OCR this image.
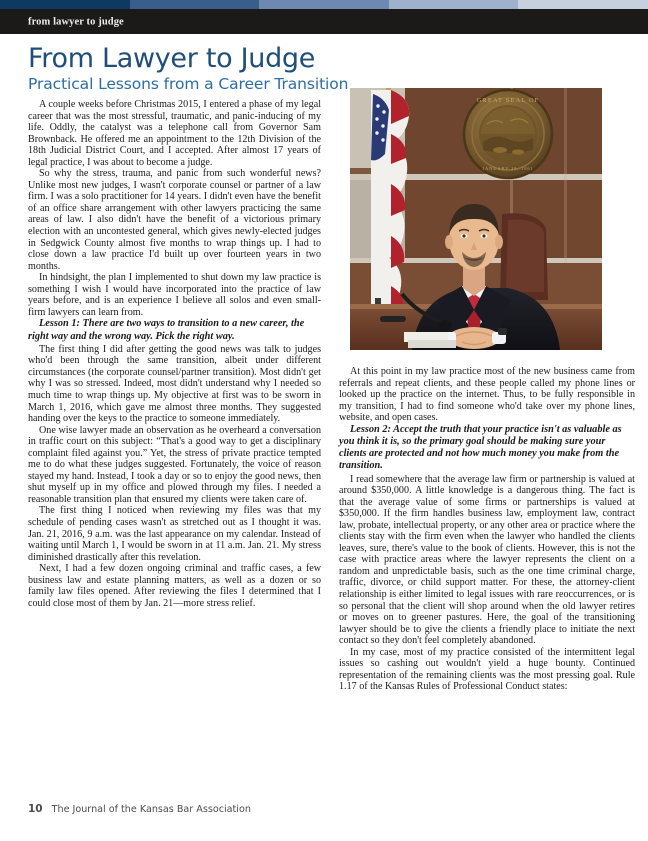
from lawyer to judge
From Lawyer to Judge
Practical Lessons from a Career Transition
GREAT SEAL OF
JANUARY 29, 1861

A couple weeks before Christmas 2015, I entered a phase of my legal career that was the most stressful, traumatic, and panic-inducing of my life. Oddly, the catalyst was a telephone call from Governor Sam Brownback. He offered me an appointment to the 12th Division of the 18th Judicial District Court, and I accepted. After almost 17 years of legal practice, I was about to become a judge.

So why the stress, trauma, and panic from such wonderful news? Unlike most new judges, I wasn't corporate counsel or partner of a law firm. I was a solo practitioner for 14 years. I didn't even have the benefit of an office share arrangement with other lawyers practicing the same areas of law. I also didn't have the benefit of a victorious primary election with an uncontested general, which gives newly-elected judges in Sedgwick County almost five months to wrap things up. I had to close down a law practice I'd built up over fourteen years in two months.

In hindsight, the plan I implemented to shut down my law practice is something I wish I would have incorporated into the practice of law years before, and is an experience I believe all solos and even small-firm lawyers can learn from.

Lesson 1: There are two ways to transition to a new career, the right way and the wrong way. Pick the right way.

The first thing I did after getting the good news was talk to judges who'd been through the same transition, albeit under different circumstances (the corporate counsel/partner transition). Most didn't get why I was so stressed. Indeed, most didn't understand why I needed so much time to wrap things up. My objective at first was to be sworn in March 1, 2016, which gave me almost three months. They suggested handing over the keys to the practice to someone immediately.

One wise lawyer made an observation as he overheard a conversation in traffic court on this subject: “That's a good way to get a disciplinary complaint filed against you.” Yet, the stress of private practice tempted me to do what these judges suggested. Fortunately, the voice of reason stayed my hand. Instead, I took a day or so to enjoy the good news, then shut myself up in my office and plowed through my files. I needed a reasonable transition plan that ensured my clients were taken care of.

The first thing I noticed when reviewing my files was that my schedule of pending cases wasn't as stretched out as I thought it was. Jan. 21, 2016, 9 a.m. was the last appearance on my calendar. Instead of waiting until March 1, I would be sworn in at 11 a.m. Jan. 21. My stress diminished drastically after this revelation.

Next, I had a few dozen ongoing criminal and traffic cases, a few business law and estate planning matters, as well as a dozen or so family law files opened. After reviewing the files I determined that I could close most of them by Jan. 21—more stress relief.

At this point in my law practice most of the new business came from referrals and repeat clients, and these people called my phone lines or looked up the practice on the internet. Thus, to be fully responsible in my transition, I had to find someone who'd take over my phone lines, website, and open cases.

Lesson 2: Accept the truth that your practice isn't as valuable as you think it is, so the primary goal should be making sure your clients are protected and not how much money you make from the transition.

I read somewhere that the average law firm or partnership is valued at around $350,000. A little knowledge is a dangerous thing. The fact is that the average value of some firms or partnerships is valued at $350,000. If the firm handles business law, employment law, contract law, probate, intellectual property, or any other area or practice where the clients stay with the firm even when the lawyer who handled the clients leaves, sure, there's value to the book of clients. However, this is not the case with practice areas where the lawyer represents the client on a random and unpredictable basis, such as the one time criminal charge, traffic, divorce, or child support matter. For these, the attorney-client relationship is either limited to legal issues with rare reoccurrences, or is so personal that the client will shop around when the old lawyer retires or moves on to greener pastures. Here, the goal of the transitioning lawyer should be to give the clients a friendly place to initiate the next contact so they don't feel completely abandoned.

In my case, most of my practice consisted of the intermittent legal issues so cashing out wouldn't yield a huge bounty. Continued representation of the remaining clients was the most pressing goal. Rule 1.17 of the Kansas Rules of Professional Conduct states:

10 The Journal of the Kansas Bar Association
